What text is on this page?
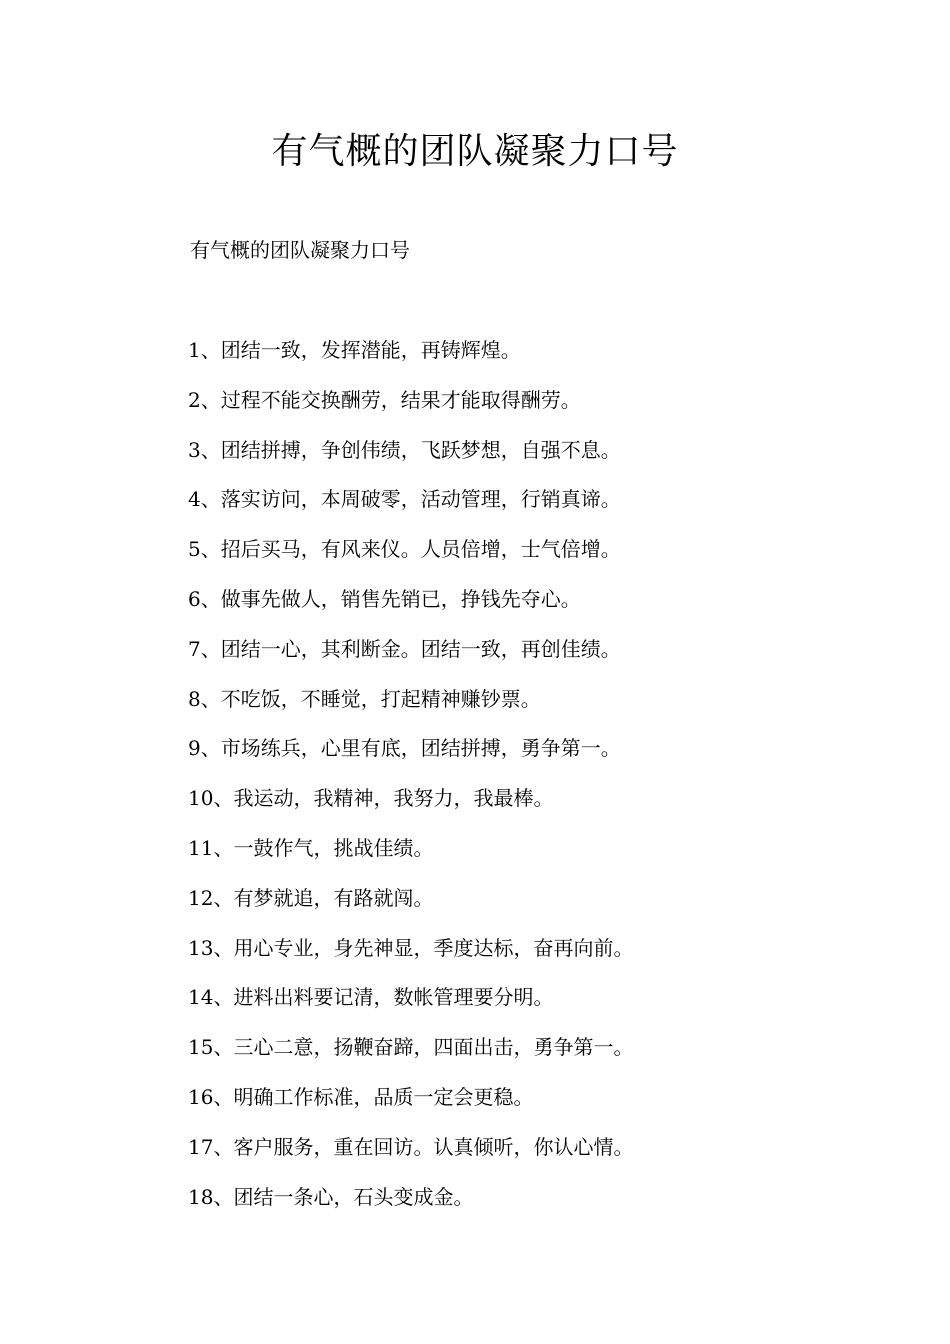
有气概的团队凝聚力口号

有气概的团队凝聚力口号

1、团结一致，发挥潜能，再铸辉煌。
2、过程不能交换酬劳，结果才能取得酬劳。
3、团结拼搏，争创伟绩，飞跃梦想，自强不息。
4、落实访问，本周破零，活动管理，行销真谛。
5、招后买马，有风来仪。人员倍增，士气倍增。
6、做事先做人，销售先销已，挣钱先夺心。
7、团结一心，其利断金。团结一致，再创佳绩。
8、不吃饭，不睡觉，打起精神赚钞票。
9、市场练兵，心里有底，团结拼搏，勇争第一。
10、我运动，我精神，我努力，我最棒。
11、一鼓作气，挑战佳绩。
12、有梦就追，有路就闯。
13、用心专业，身先神显，季度达标，奋再向前。
14、进料出料要记清，数帐管理要分明。
15、三心二意，扬鞭奋蹄，四面出击，勇争第一。
16、明确工作标准，品质一定会更稳。
17、客户服务，重在回访。认真倾听，你认心情。
18、团结一条心，石头变成金。
